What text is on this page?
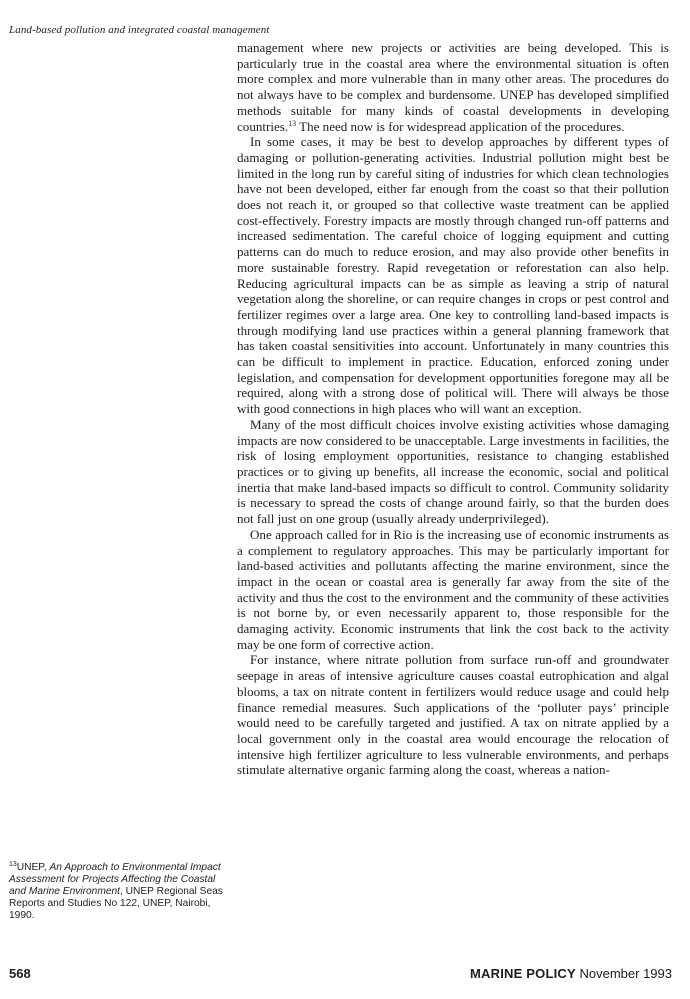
Land-based pollution and integrated coastal management

management where new projects or activities are being developed. This is particularly true in the coastal area where the environmental situation is often more complex and more vulnerable than in many other areas. The procedures do not always have to be complex and burdensome. UNEP has developed simplified methods suitable for many kinds of coastal developments in developing countries.$^{13}$ The need now is for widespread application of the procedures.

In some cases, it may be best to develop approaches by different types of damaging or pollution-generating activities. Industrial pollution might best be limited in the long run by careful siting of industries for which clean technologies have not been developed, either far enough from the coast so that their pollution does not reach it, or grouped so that collective waste treatment can be applied cost-effectively. Forestry impacts are mostly through changed run-off patterns and increased sedimentation. The careful choice of logging equipment and cutting patterns can do much to reduce erosion, and may also provide other benefits in more sustainable forestry. Rapid revegetation or reforestation can also help. Reducing agricultural impacts can be as simple as leaving a strip of natural vegetation along the shoreline, or can require changes in crops or pest control and fertilizer regimes over a large area. One key to controlling land-based impacts is through modifying land use practices within a general planning framework that has taken coastal sensitivities into account. Unfortunately in many countries this can be difficult to implement in practice. Education, enforced zoning under legislation, and compensation for development opportunities foregone may all be required, along with a strong dose of political will. There will always be those with good connections in high places who will want an exception.

Many of the most difficult choices involve existing activities whose damaging impacts are now considered to be unacceptable. Large investments in facilities, the risk of losing employment opportunities, resistance to changing established practices or to giving up benefits, all increase the economic, social and political inertia that make land-based impacts so difficult to control. Community solidarity is necessary to spread the costs of change around fairly, so that the burden does not fall just on one group (usually already underprivileged).

One approach called for in Rio is the increasing use of economic instruments as a complement to regulatory approaches. This may be particularly important for land-based activities and pollutants affecting the marine environment, since the impact in the ocean or coastal area is generally far away from the site of the activity and thus the cost to the environment and the community of these activities is not borne by, or even necessarily apparent to, those responsible for the damaging activity. Economic instruments that link the cost back to the activity may be one form of corrective action.

For instance, where nitrate pollution from surface run-off and groundwater seepage in areas of intensive agriculture causes coastal eutrophication and algal blooms, a tax on nitrate content in fertilizers would reduce usage and could help finance remedial measures. Such applications of the ‘polluter pays’ principle would need to be carefully targeted and justified. A tax on nitrate applied by a local government only in the coastal area would encourage the relocation of intensive high fertilizer agriculture to less vulnerable environments, and perhaps stimulate alternative organic farming along the coast, whereas a nation-

$^{13}$UNEP, An Approach to Environmental Impact Assessment for Projects Affecting the Coastal and Marine Environment, UNEP Regional Seas Reports and Studies No 122, UNEP, Nairobi, 1990.
568	MARINE POLICY November 1993
